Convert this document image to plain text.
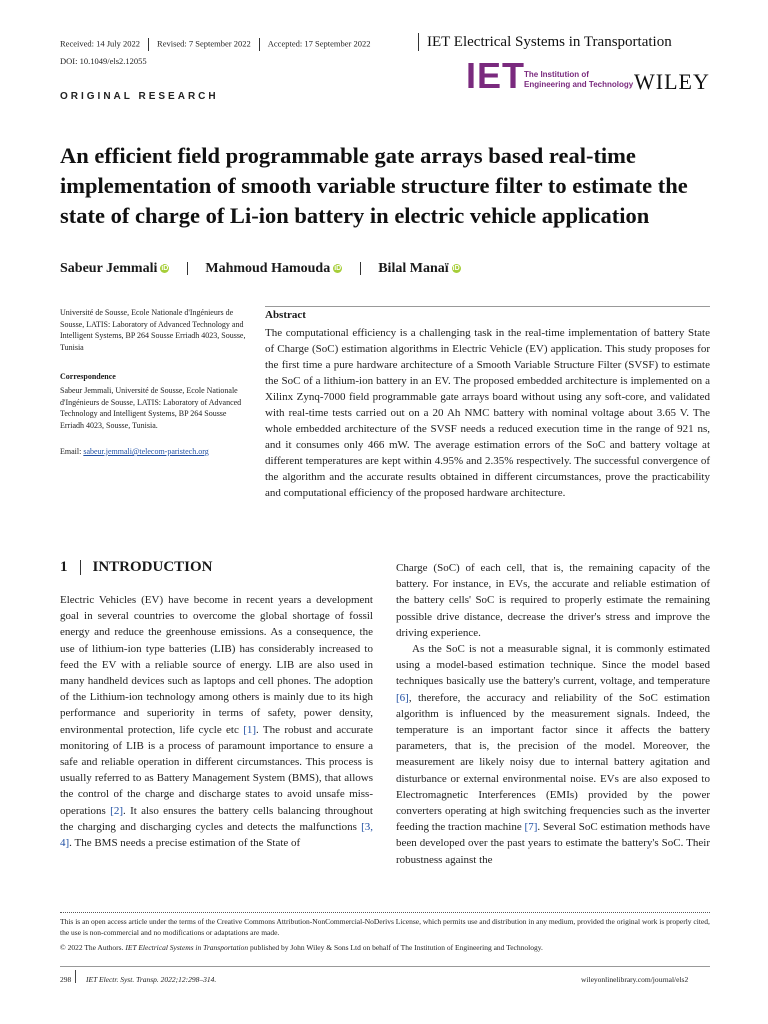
Received: 14 July 2022 Revised: 7 September 2022 Accepted: 17 September 2022	IET Electrical Systems in Transportation
DOI: 10.1049/els2.12055	IET
The Institution of
Engineering and Technology WILEY
ORIGINAL RESEARCH
An efficient field programmable gate arrays based real-time implementation of smooth variable structure filter to estimate the state of charge of Li-ion battery in electric vehicle application
Sabeur Jemmali iD	Mahmoud Hamouda iD	Bilal Manaï iD
Université de Sousse, Ecole Nationale d'Ingénieurs de Sousse, LATIS: Laboratory of Advanced Technology and Intelligent Systems, BP 264 Sousse Erriadh 4023, Sousse, Tunisia
Correspondence
Sabeur Jemmali, Université de Sousse, Ecole Nationale d'Ingénieurs de Sousse, LATIS: Laboratory of Advanced Technology and Intelligent Systems, BP 264 Sousse Erriadh 4023, Sousse, Tunisia.
Email: sabeur.jemmali@telecom-paristech.org
Abstract
The computational efficiency is a challenging task in the real-time implementation of battery State of Charge (SoC) estimation algorithms in Electric Vehicle (EV) application. This study proposes for the first time a pure hardware architecture of a Smooth Variable Structure Filter (SVSF) to estimate the SoC of a lithium-ion battery in an EV. The proposed embedded architecture is implemented on a Xilinx Zynq-7000 field programmable gate arrays board without using any soft-core, and validated with real-time tests carried out on a 20 Ah NMC battery with nominal voltage about 3.65 V. The whole embedded architecture of the SVSF needs a reduced execution time in the range of 921 ns, and it consumes only 466 mW. The average estimation errors of the SoC and battery voltage at different temperatures are kept within 4.95% and 2.35% respectively. The successful convergence of the algorithm and the accurate results obtained in different circumstances, prove the practicability and computational efficiency of the proposed hardware architecture.
1 INTRODUCTION

Electric Vehicles (EV) have become in recent years a development goal in several countries to overcome the global shortage of fossil energy and reduce the greenhouse emissions. As a consequence, the use of lithium-ion type batteries (LIB) has considerably increased to feed the EV with a reliable source of energy. LIB are also used in many handheld devices such as laptops and cell phones. The adoption of the Lithium-ion technology among others is mainly due to its high performance and superiority in terms of safety, power density, environmental protection, life cycle etc [1]. The robust and accurate monitoring of LIB is a process of paramount importance to ensure a safe and reliable operation in different circumstances. This process is usually referred to as Battery Management System (BMS), that allows the control of the charge and discharge states to avoid unsafe miss-operations [2]. It also ensures the battery cells balancing throughout the charging and discharging cycles and detects the malfunctions [3, 4]. The BMS needs a precise estimation of the State of

Charge (SoC) of each cell, that is, the remaining capacity of the battery. For instance, in EVs, the accurate and reliable estimation of the battery cells' SoC is required to properly estimate the remaining possible drive distance, decrease the driver's stress and improve the driving experience.

As the SoC is not a measurable signal, it is commonly estimated using a model-based estimation technique. Since the model based techniques basically use the battery's current, voltage, and temperature [6], therefore, the accuracy and reliability of the SoC estimation algorithm is influenced by the measurement signals. Indeed, the temperature is an important factor since it affects the battery parameters, that is, the precision of the model. Moreover, the measurement are likely noisy due to internal battery agitation and disturbance or external environmental noise. EVs are also exposed to Electromagnetic Interferences (EMIs) provided by the power converters operating at high switching frequencies such as the inverter feeding the traction machine [7]. Several SoC estimation methods have been developed over the past years to estimate the battery's SoC. Their robustness against the

This is an open access article under the terms of the Creative Commons Attribution-NonCommercial-NoDerivs License, which permits use and distribution in any medium, provided the original work is properly cited, the use is non-commercial and no modifications or adaptations are made.
© 2022 The Authors. IET Electrical Systems in Transportation published by John Wiley & Sons Ltd on behalf of The Institution of Engineering and Technology.
298 IET Electr. Syst. Transp. 2022;12:298–314.	wileyonlinelibrary.com/journal/els2
